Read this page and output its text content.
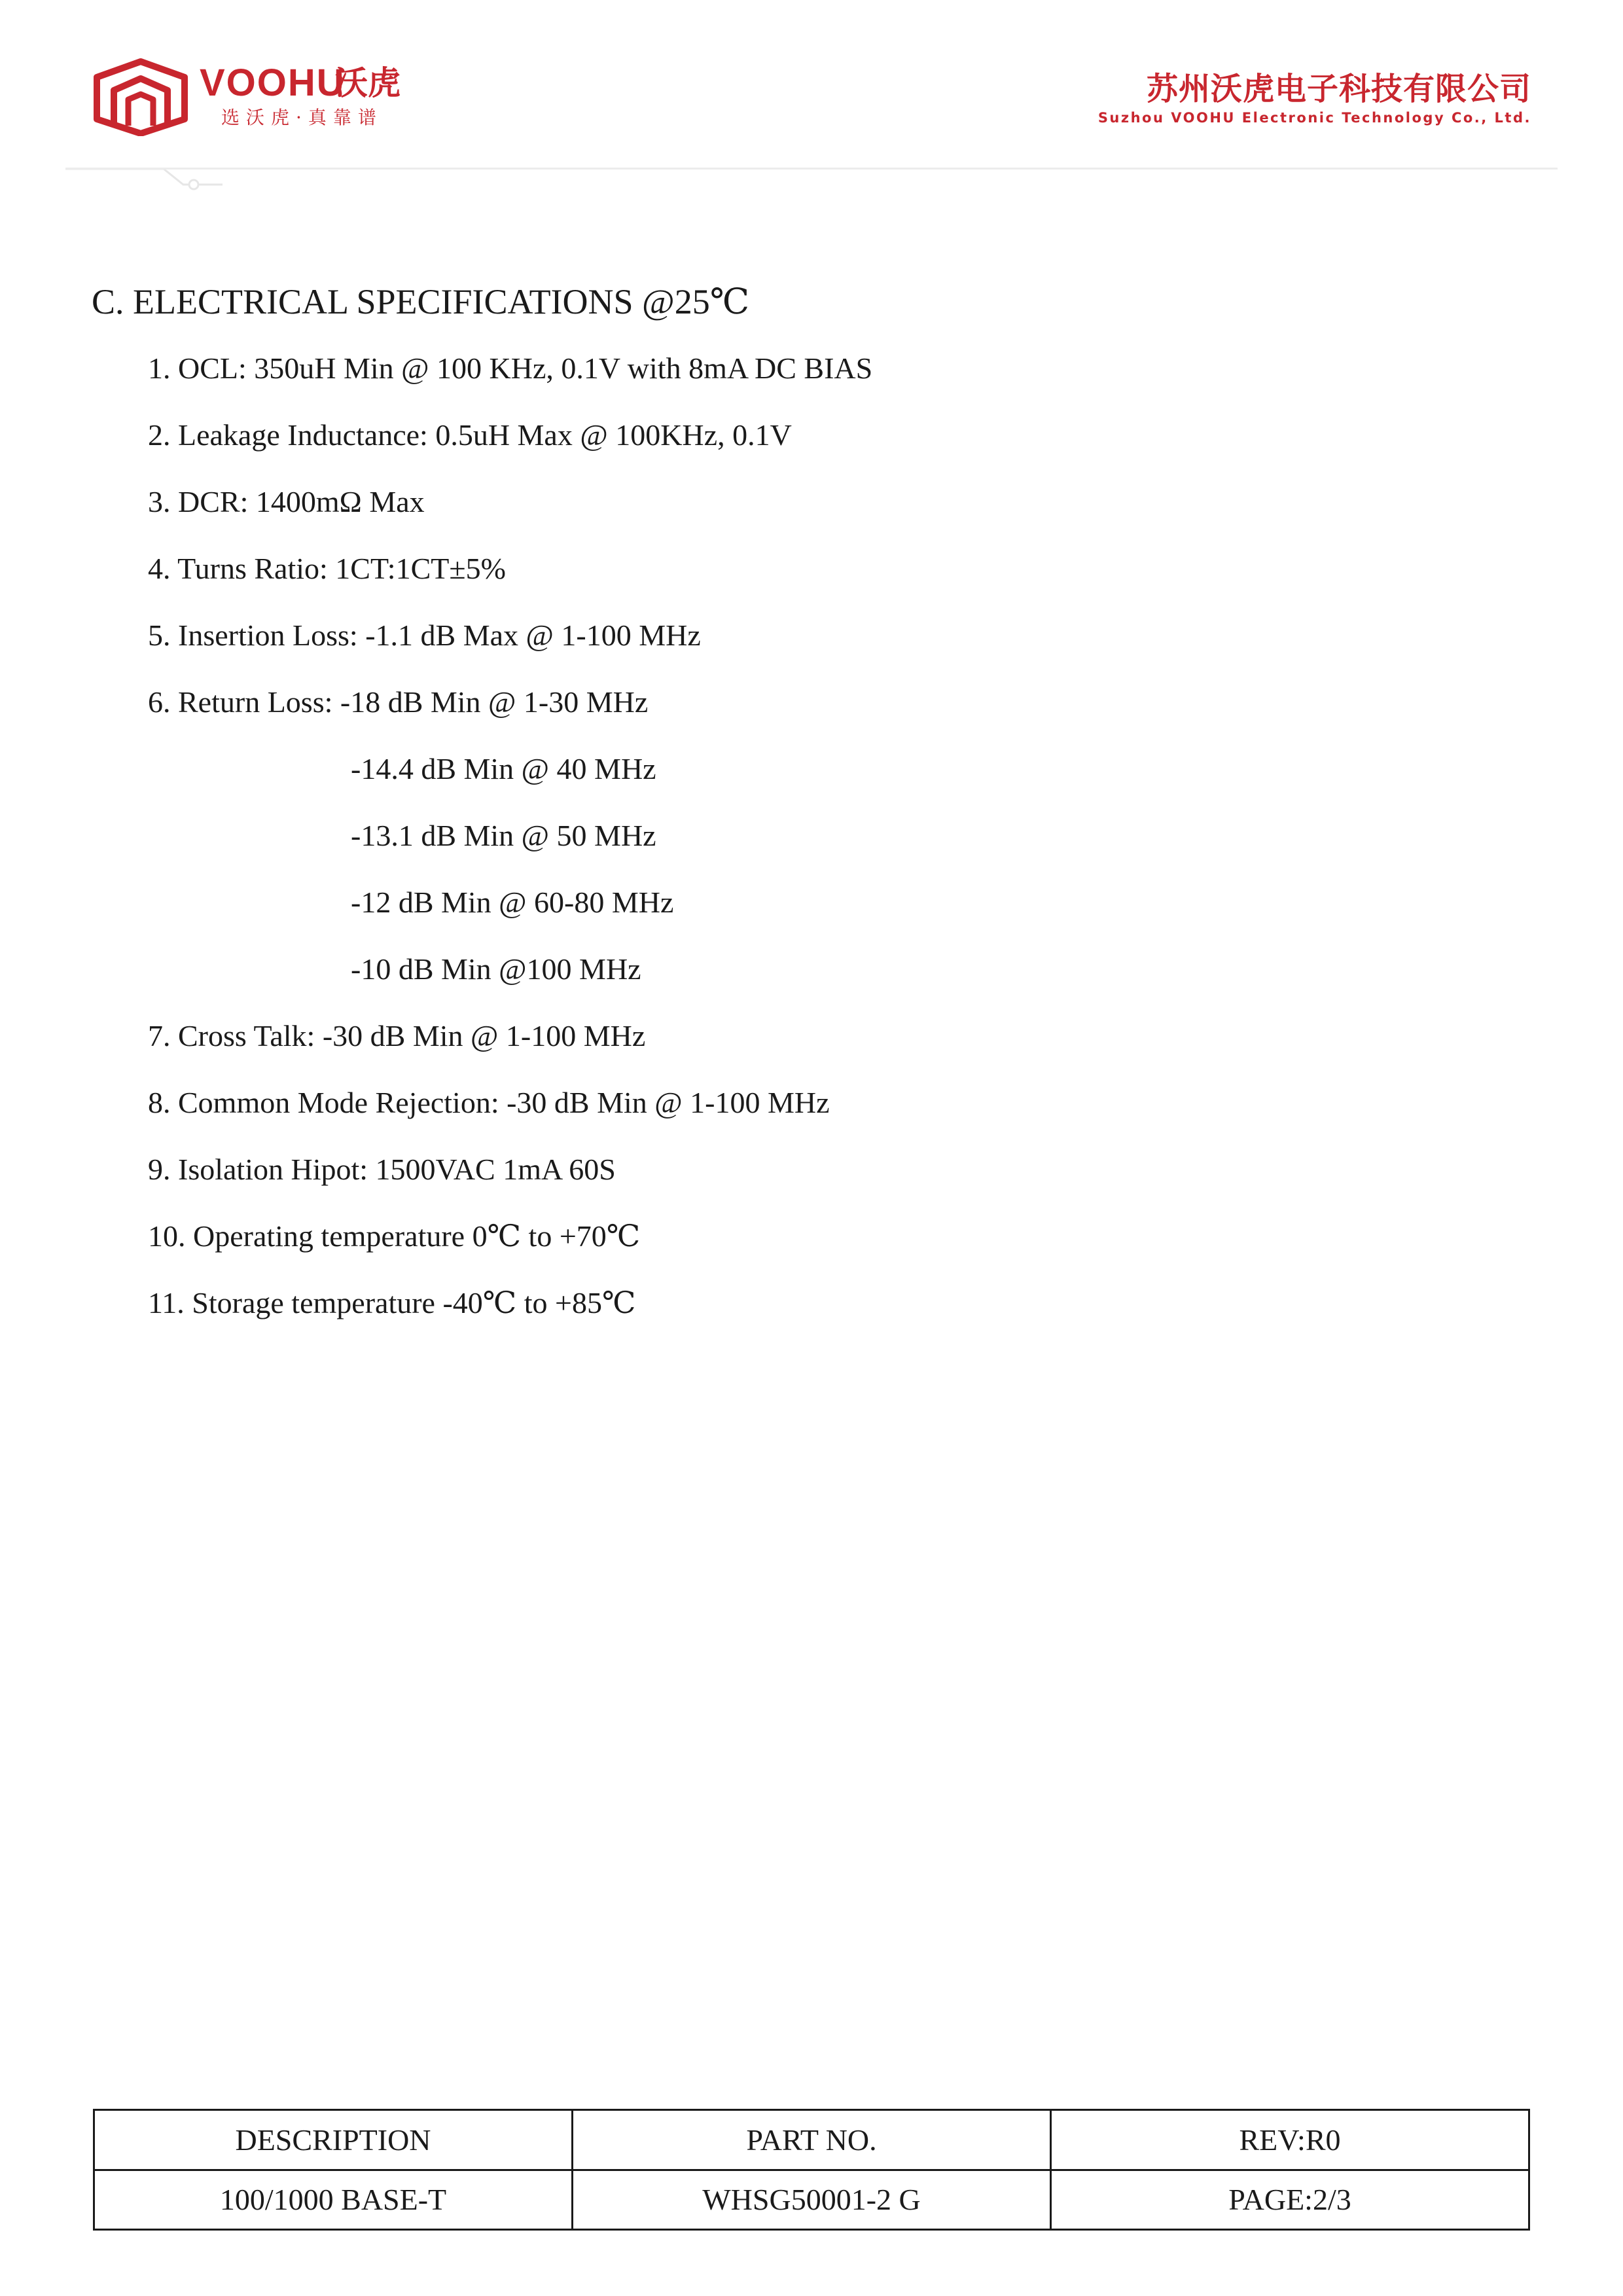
VOOHU
沃虎
选沃虎·真靠谱
苏州沃虎电子科技有限公司
Suzhou VOOHU Electronic Technology Co., Ltd.
C. ELECTRICAL SPECIFICATIONS @25℃
1. OCL: 350uH Min @ 100 KHz, 0.1V with 8mA DC BIAS
2. Leakage Inductance: 0.5uH Max @ 100KHz, 0.1V
3. DCR: 1400mΩ Max
4. Turns Ratio: 1CT:1CT±5%
5. Insertion Loss: -1.1 dB Max @ 1-100 MHz
6. Return Loss: -18 dB Min @ 1-30 MHz
-14.4 dB Min @ 40 MHz
-13.1 dB Min @ 50 MHz
-12 dB Min @ 60-80 MHz
-10 dB Min @100 MHz
7. Cross Talk: -30 dB Min @ 1-100 MHz
8. Common Mode Rejection: -30 dB Min @ 1-100 MHz
9. Isolation Hipot: 1500VAC 1mA 60S
10. Operating temperature 0℃ to +70℃
11. Storage temperature -40℃ to +85℃
DESCRIPTION	PART NO.	REV:R0
100/1000 BASE-T	WHSG50001-2 G	PAGE:2/3
